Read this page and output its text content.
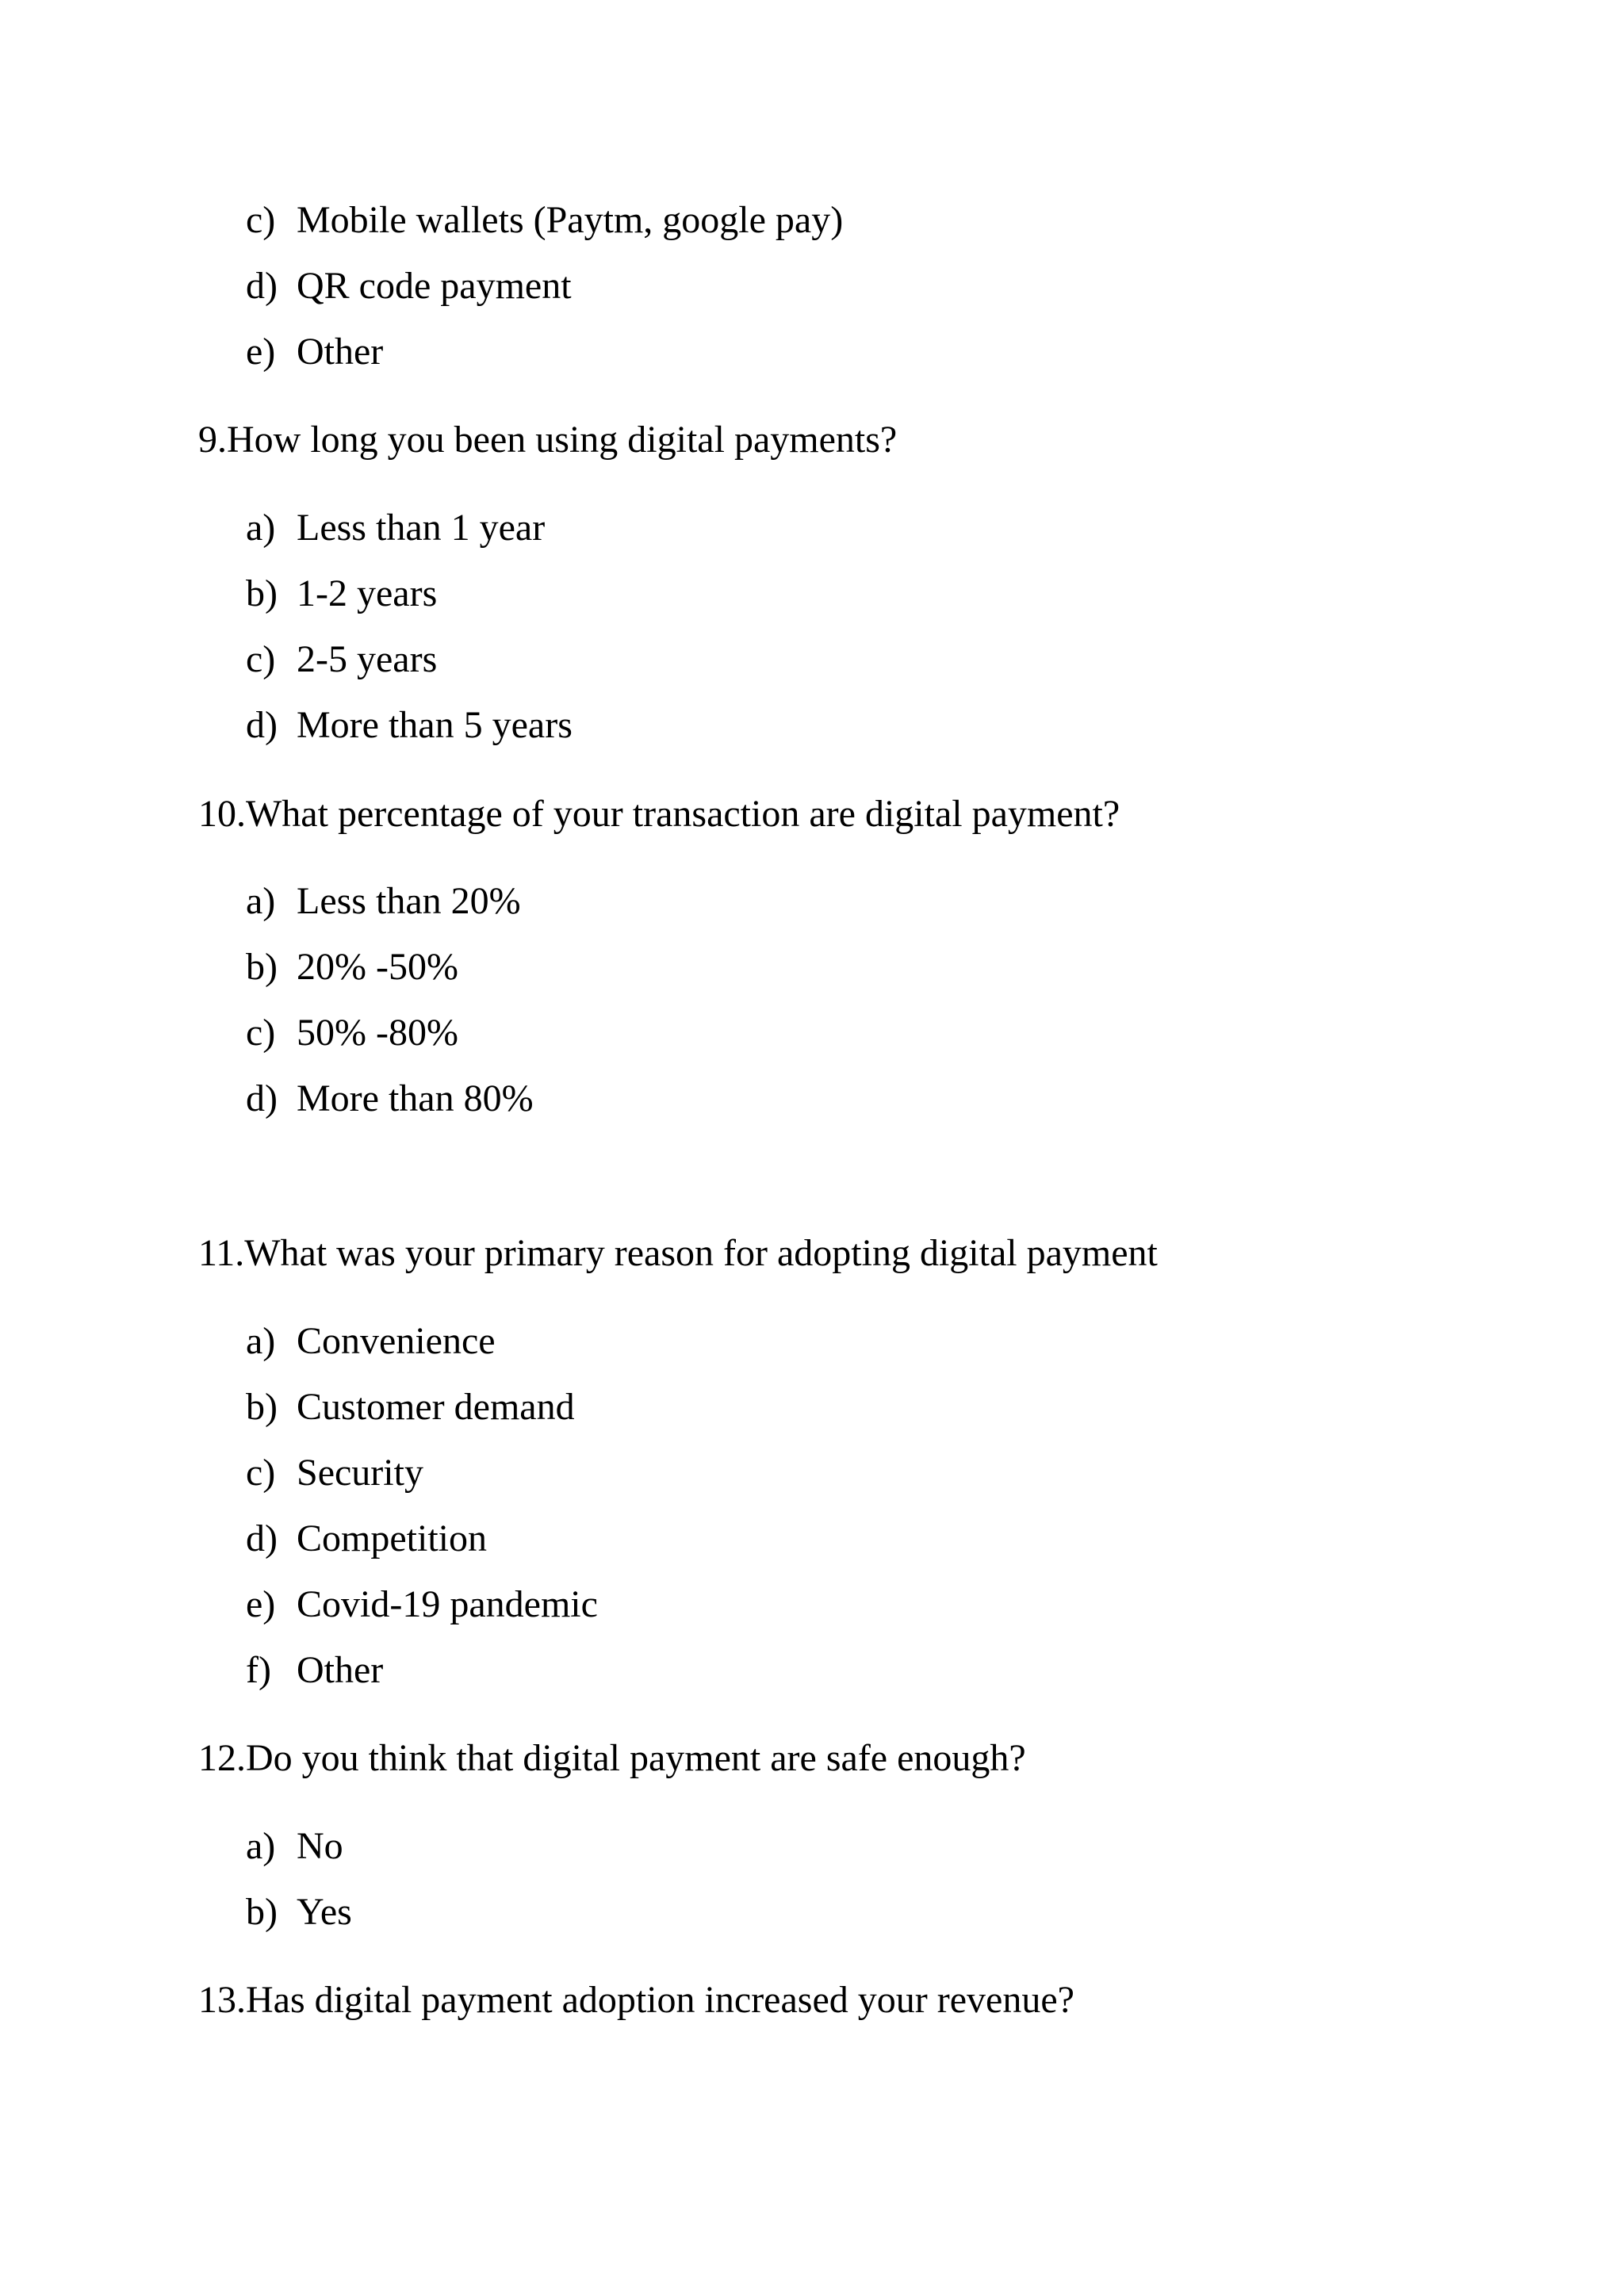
c) Mobile wallets (Paytm, google pay)
d) QR code payment
e) Other
9.How long you been using digital payments?
a) Less than 1 year
b) 1-2 years
c) 2-5 years
d) More than 5 years
10.What percentage of your transaction are digital payment?
a) Less than 20%
b) 20% -50%
c) 50% -80%
d) More than 80%
11.What was your primary reason for adopting digital payment
a) Convenience
b) Customer demand
c) Security
d) Competition
e) Covid-19 pandemic
f) Other
12.Do you think that digital payment are safe enough?
a) No
b) Yes
13.Has digital payment adoption increased your revenue?
